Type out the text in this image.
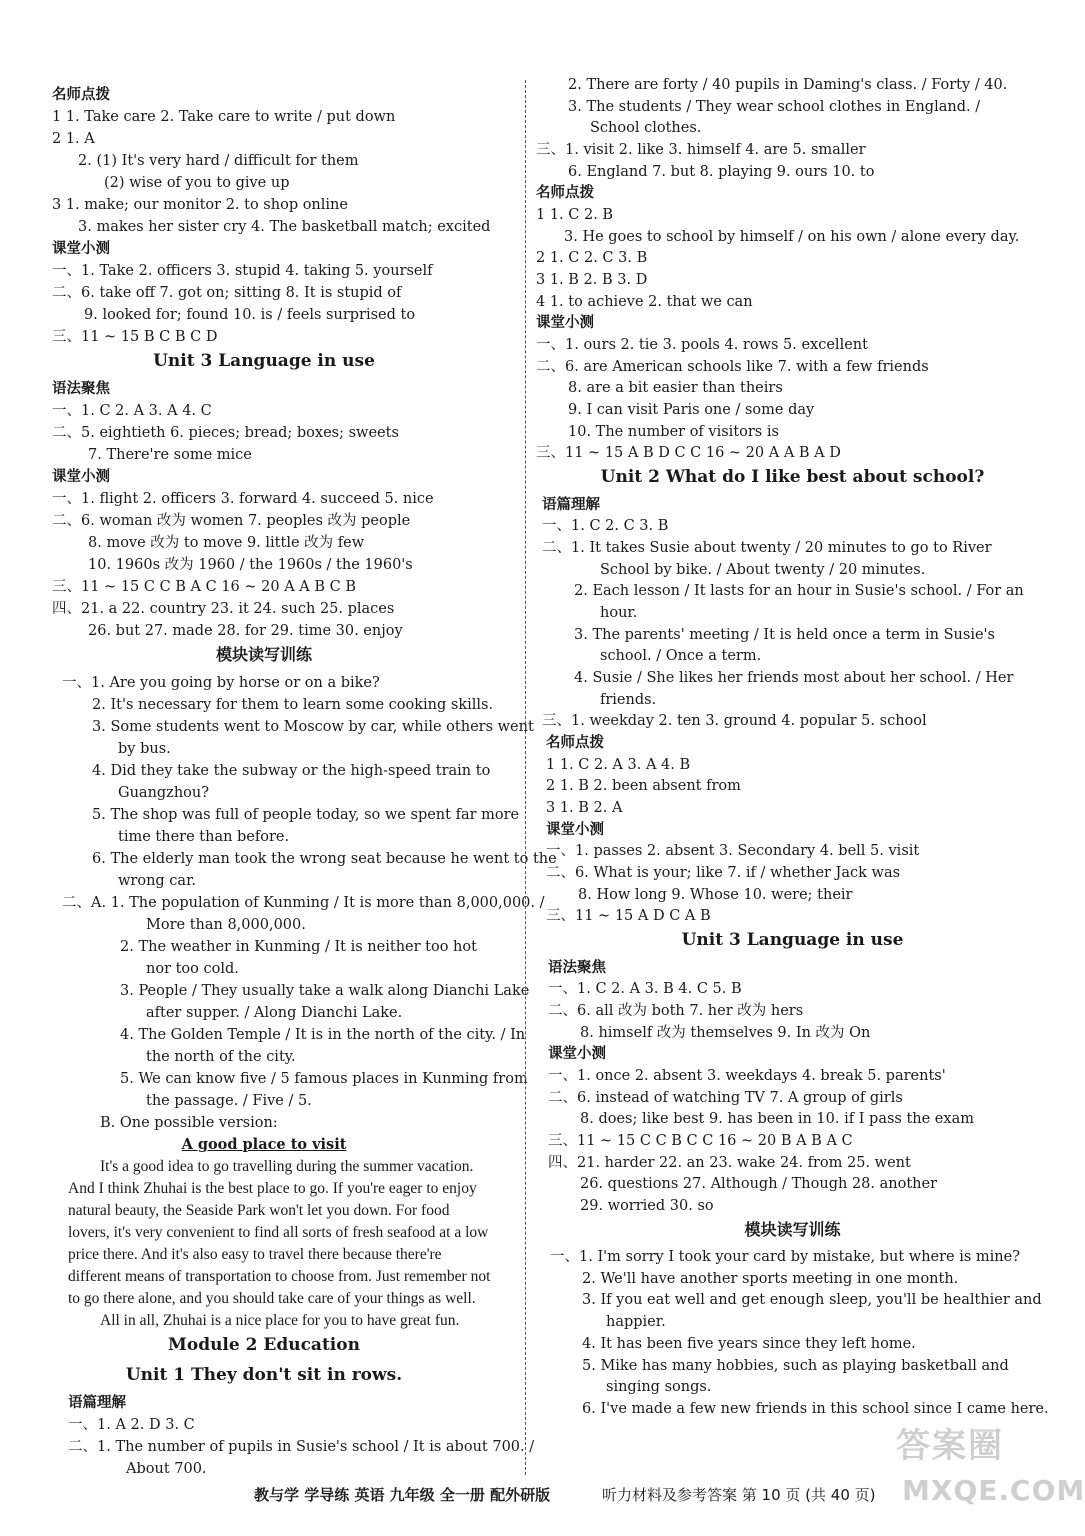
名师点拨
1 1. Take care 2. Take care to write / put down
2 1. A
2. (1) It's very hard / difficult for them
(2) wise of you to give up
3 1. make; our monitor 2. to shop online
3. makes her sister cry 4. The basketball match; excited
课堂小测
一、1. Take 2. officers 3. stupid 4. taking 5. yourself
二、6. take off 7. got on; sitting 8. It is stupid of
9. looked for; found 10. is / feels surprised to
三、11 ~ 15 B C B C D
Unit 3 Language in use
语法聚焦
一、1. C 2. A 3. A 4. C
二、5. eightieth 6. pieces; bread; boxes; sweets
7. There're some mice
课堂小测
一、1. flight 2. officers 3. forward 4. succeed 5. nice
二、6. woman 改为 women 7. peoples 改为 people
8. move 改为 to move 9. little 改为 few
10. 1960s 改为 1960 / the 1960s / the 1960's
三、11 ~ 15 C C B A C 16 ~ 20 A A B C B
四、21. a 22. country 23. it 24. such 25. places
26. but 27. made 28. for 29. time 30. enjoy
模块读写训练
一、1. Are you going by horse or on a bike?
2. It's necessary for them to learn some cooking skills.
3. Some students went to Moscow by car, while others went
by bus.
4. Did they take the subway or the high-speed train to
Guangzhou?
5. The shop was full of people today, so we spent far more
time there than before.
6. The elderly man took the wrong seat because he went to the
wrong car.
二、A. 1. The population of Kunming / It is more than 8,000,000. /
More than 8,000,000.
2. The weather in Kunming / It is neither too hot
nor too cold.
3. People / They usually take a walk along Dianchi Lake
after supper. / Along Dianchi Lake.
4. The Golden Temple / It is in the north of the city. / In
the north of the city.
5. We can know five / 5 famous places in Kunming from
the passage. / Five / 5.
B. One possible version:
A good place to visit
It's a good idea to go travelling during the summer vacation.
And I think Zhuhai is the best place to go. If you're eager to enjoy
natural beauty, the Seaside Park won't let you down. For food
lovers, it's very convenient to find all sorts of fresh seafood at a low
price there. And it's also easy to travel there because there're
different means of transportation to choose from. Just remember not
to go there alone, and you should take care of your things as well.
All in all, Zhuhai is a nice place for you to have great fun.
Module 2 Education
Unit 1 They don't sit in rows.
语篇理解
一、1. A 2. D 3. C
二、1. The number of pupils in Susie's school / It is about 700. /
About 700.
2. There are forty / 40 pupils in Daming's class. / Forty / 40.
3. The students / They wear school clothes in England. /
School clothes.
三、1. visit 2. like 3. himself 4. are 5. smaller
6. England 7. but 8. playing 9. ours 10. to
名师点拨
1 1. C 2. B
3. He goes to school by himself / on his own / alone every day.
2 1. C 2. C 3. B
3 1. B 2. B 3. D
4 1. to achieve 2. that we can
课堂小测
一、1. ours 2. tie 3. pools 4. rows 5. excellent
二、6. are American schools like 7. with a few friends
8. are a bit easier than theirs
9. I can visit Paris one / some day
10. The number of visitors is
三、11 ~ 15 A B D C C 16 ~ 20 A A B A D
Unit 2 What do I like best about school?
语篇理解
一、1. C 2. C 3. B
二、1. It takes Susie about twenty / 20 minutes to go to River
School by bike. / About twenty / 20 minutes.
2. Each lesson / It lasts for an hour in Susie's school. / For an
hour.
3. The parents' meeting / It is held once a term in Susie's
school. / Once a term.
4. Susie / She likes her friends most about her school. / Her
friends.
三、1. weekday 2. ten 3. ground 4. popular 5. school
名师点拨
1 1. C 2. A 3. A 4. B
2 1. B 2. been absent from
3 1. B 2. A
课堂小测
一、1. passes 2. absent 3. Secondary 4. bell 5. visit
二、6. What is your; like 7. if / whether Jack was
8. How long 9. Whose 10. were; their
三、11 ~ 15 A D C A B
Unit 3 Language in use
语法聚焦
一、1. C 2. A 3. B 4. C 5. B
二、6. all 改为 both 7. her 改为 hers
8. himself 改为 themselves 9. In 改为 On
课堂小测
一、1. once 2. absent 3. weekdays 4. break 5. parents'
二、6. instead of watching TV 7. A group of girls
8. does; like best 9. has been in 10. if I pass the exam
三、11 ~ 15 C C B C C 16 ~ 20 B A B A C
四、21. harder 22. an 23. wake 24. from 25. went
26. questions 27. Although / Though 28. another
29. worried 30. so
模块读写训练
一、1. I'm sorry I took your card by mistake, but where is mine?
2. We'll have another sports meeting in one month.
3. If you eat well and get enough sleep, you'll be healthier and
happier.
4. It has been five years since they left home.
5. Mike has many hobbies, such as playing basketball and
singing songs.
6. I've made a few new friends in this school since I came here.
教与学 学导练 英语 九年级 全一册 配外研版	听力材料及参考答案 第 10 页 (共 40 页)
答案圈
MXQE.COM
